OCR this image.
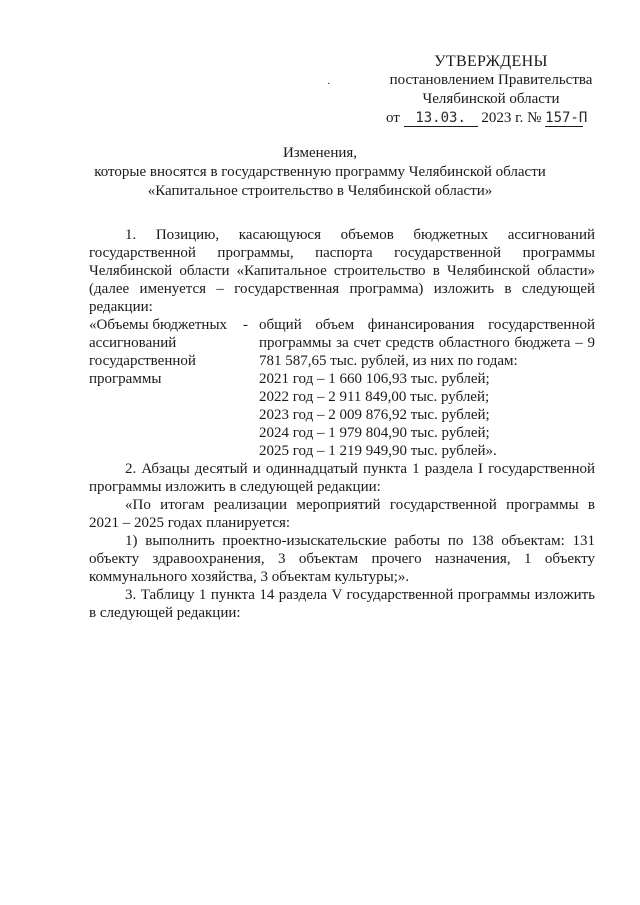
УТВЕРЖДЕНЫ
постановлением Правительства
Челябинской области
от 13.03. 2023 г. № 157-П
·
Изменения,
которые вносятся в государственную программу Челябинской области
«Капитальное строительство в Челябинской области»

1. Позицию, касающуюся объемов бюджетных ассигнований государственной программы, паспорта государственной программы Челябинской области «Капитальное строительство в Челябинской области» (далее именуется – государственная программа) изложить в следующей редакции:

«Объемы бюджетных
ассигнований
государственной
программы
- общий объем финансирования государственной программы за счет средств областного бюджета – 9 781 587,65 тыс. рублей, из них по годам:
2021 год – 1 660 106,93 тыс. рублей;
2022 год – 2 911 849,00 тыс. рублей;
2023 год – 2 009 876,92 тыс. рублей;
2024 год – 1 979 804,90 тыс. рублей;
2025 год – 1 219 949,90 тыс. рублей».

2. Абзацы десятый и одиннадцатый пункта 1 раздела I государственной программы изложить в следующей редакции:

«По итогам реализации мероприятий государственной программы в 2021 – 2025 годах планируется:

1) выполнить проектно-изыскательские работы по 138 объектам: 131 объекту здравоохранения, 3 объектам прочего назначения, 1 объекту коммунального хозяйства, 3 объектам культуры;».

3. Таблицу 1 пункта 14 раздела V государственной программы изложить в следующей редакции:
